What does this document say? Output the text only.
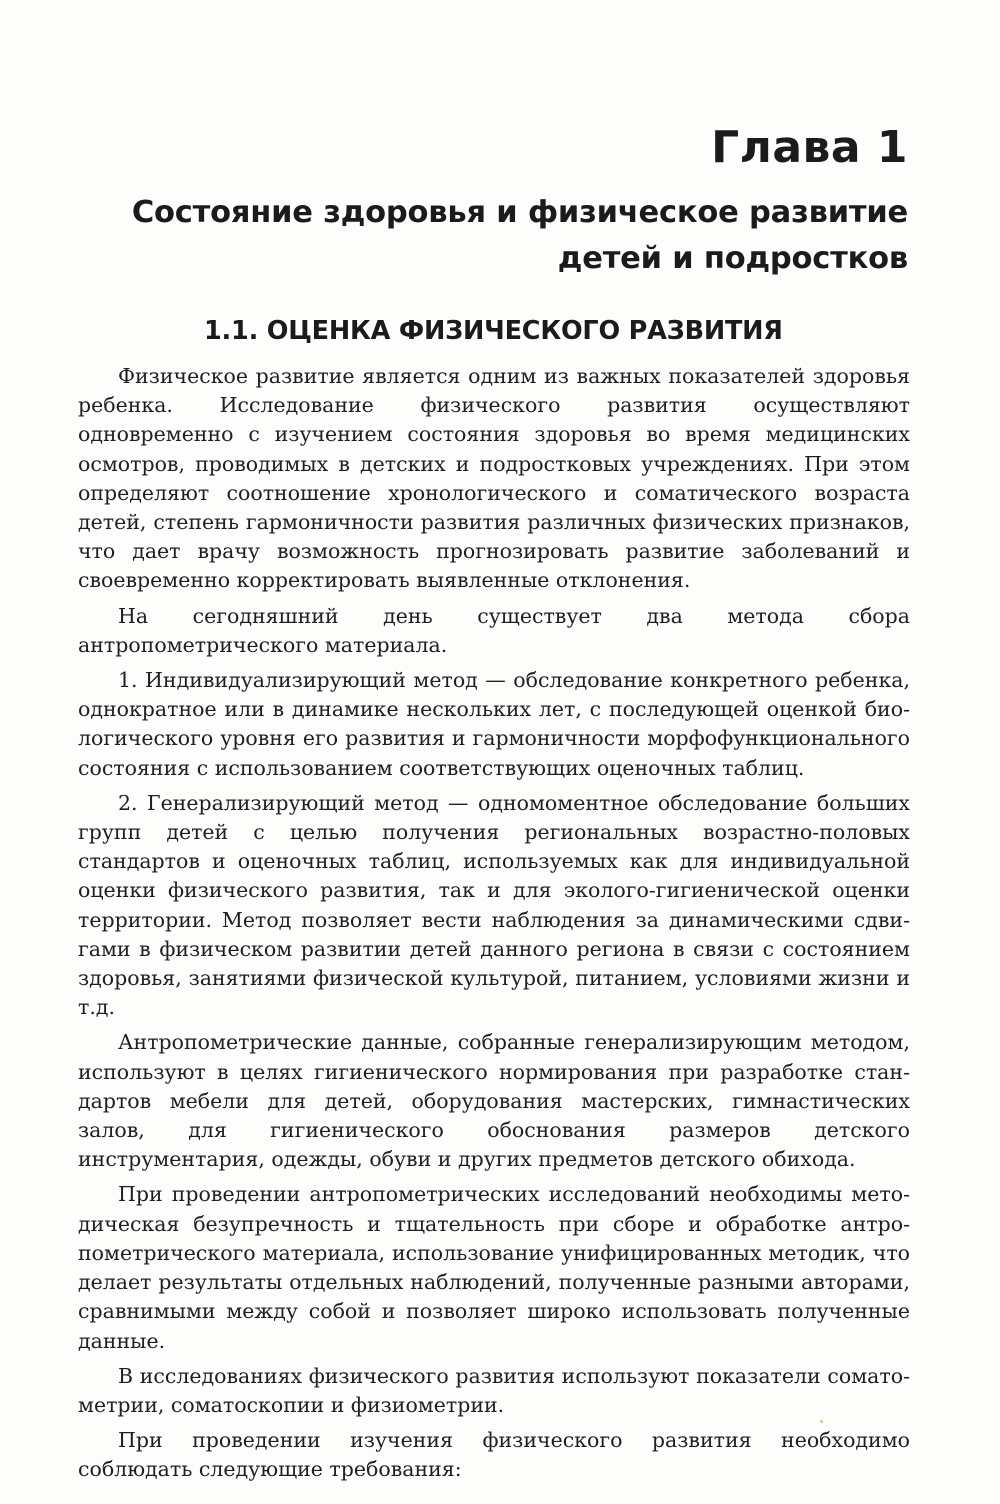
Глава 1
Состояние здоровья и физическое развитие
детей и подростков
1.1. ОЦЕНКА ФИЗИЧЕСКОГО РАЗВИТИЯ

Физическое развитие является одним из важных показателей здоровья ребенка. Исследование физического развития осуществляют одновременно с изучением состояния здоровья во время медицинских осмотров, проводимых в детских и подростковых учреждениях. При этом определяют соотношение хронологического и соматического возраста детей, степень гармоничности развития различных физических признаков, что дает врачу возможность прогнозировать развитие заболеваний и своевременно корректировать выявленные отклонения.

На сегодняшний день существует два метода сбора антропометрического материала.

1. Индивидуализирующий метод — обследование конкретного ребенка, однократное или в динамике нескольких лет, с последующей оценкой биологического уровня его развития и гармоничности морфофункционального состояния с использованием соответствующих оценочных таблиц.

2. Генерализирующий метод — одномоментное обследование больших групп детей с целью получения региональных возрастно-половых стандартов и оценочных таблиц, используемых как для индивидуальной оценки физического развития, так и для эколого-гигиенической оценки территории. Метод позволяет вести наблюдения за динамическими сдвигами в физическом развитии детей данного региона в связи с состоянием здоровья, занятиями физической культурой, питанием, условиями жизни и т.д.

Антропометрические данные, собранные генерализирующим методом, используют в целях гигиенического нормирования при разработке стандартов мебели для детей, оборудования мастерских, гимнастических залов, для гигиенического обоснования размеров детского инструментария, одежды, обуви и других предметов детского обихода.

При проведении антропометрических исследований необходимы методическая безупречность и тщательность при сборе и обработке антропометрического материала, использование унифицированных методик, что делает результаты отдельных наблюдений, полученные разными авторами, сравнимыми между собой и позволяет широко использовать полученные данные.

В исследованиях физического развития используют показатели соматометрии, соматоскопии и физиометрии.

При проведении изучения физического развития необходимо соблюдать следующие требования:
